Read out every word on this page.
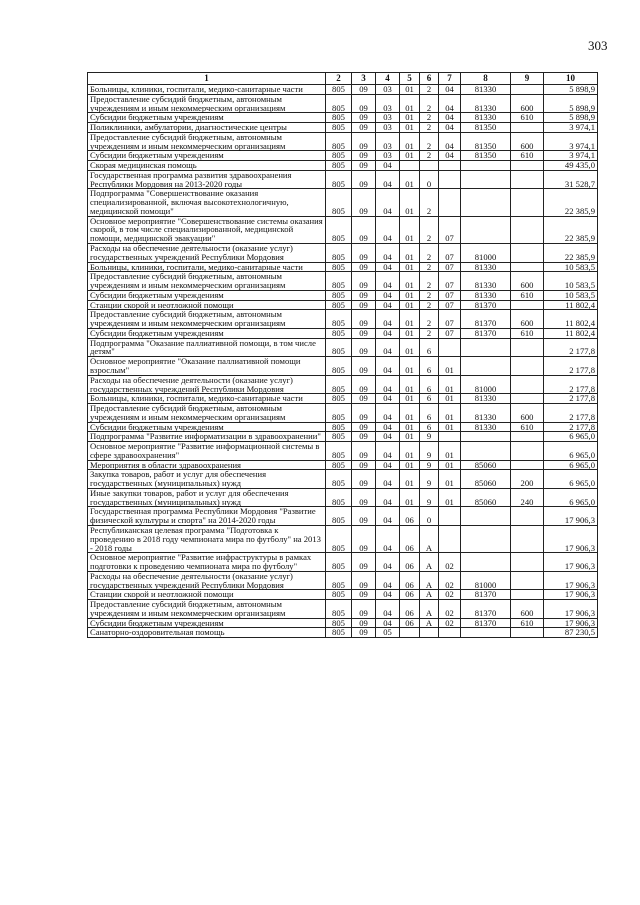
303
1	2	3	4	5	6	7	8	9	10
Больницы, клиники, госпитали, медико-санитарные части	805	09	03	01	2	04	81330		5 898,9
Предоставление субсидий бюджетным, автономным учреждениям и иным некоммерческим организациям	805	09	03	01	2	04	81330	600	5 898,9
Субсидии бюджетным учреждениям	805	09	03	01	2	04	81330	610	5 898,9
Поликлиники, амбулатории, диагностические центры	805	09	03	01	2	04	81350		3 974,1
Предоставление субсидий бюджетным, автономным учреждениям и иным некоммерческим организациям	805	09	03	01	2	04	81350	600	3 974,1
Субсидии бюджетным учреждениям	805	09	03	01	2	04	81350	610	3 974,1
Скорая медицинская помощь	805	09	04						49 435,0
Государственная программа развития здравоохранения Республики Мордовия на 2013-2020 годы	805	09	04	01	0				31 528,7
Подпрограмма "Совершенствование оказания специализированной, включая высокотехнологичную, медицинской помощи"	805	09	04	01	2				22 385,9
Основное мероприятие "Совершенствование системы оказания скорой, в том числе специализированной, медицинской помощи, медицинской эвакуации"	805	09	04	01	2	07			22 385,9
Расходы на обеспечение деятельности (оказание услуг) государственных учреждений Республики Мордовия	805	09	04	01	2	07	81000		22 385,9
Больницы, клиники, госпитали, медико-санитарные части	805	09	04	01	2	07	81330		10 583,5
Предоставление субсидий бюджетным, автономным учреждениям и иным некоммерческим организациям	805	09	04	01	2	07	81330	600	10 583,5
Субсидии бюджетным учреждениям	805	09	04	01	2	07	81330	610	10 583,5
Станции скорой и неотложной помощи	805	09	04	01	2	07	81370		11 802,4
Предоставление субсидий бюджетным, автономным учреждениям и иным некоммерческим организациям	805	09	04	01	2	07	81370	600	11 802,4
Субсидии бюджетным учреждениям	805	09	04	01	2	07	81370	610	11 802,4
Подпрограмма "Оказание паллиативной помощи, в том числе детям"	805	09	04	01	6				2 177,8
Основное мероприятие "Оказание паллиативной помощи взрослым"	805	09	04	01	6	01			2 177,8
Расходы на обеспечение деятельности (оказание услуг) государственных учреждений Республики Мордовия	805	09	04	01	6	01	81000		2 177,8
Больницы, клиники, госпитали, медико-санитарные части	805	09	04	01	6	01	81330		2 177,8
Предоставление субсидий бюджетным, автономным учреждениям и иным некоммерческим организациям	805	09	04	01	6	01	81330	600	2 177,8
Субсидии бюджетным учреждениям	805	09	04	01	6	01	81330	610	2 177,8
Подпрограмма "Развитие информатизации в здравоохранении"	805	09	04	01	9				6 965,0
Основное мероприятие "Развитие информационной системы в сфере здравоохранения"	805	09	04	01	9	01			6 965,0
Мероприятия в области здравоохранения	805	09	04	01	9	01	85060		6 965,0
Закупка товаров, работ и услуг для обеспечения государственных (муниципальных) нужд	805	09	04	01	9	01	85060	200	6 965,0
Иные закупки товаров, работ и услуг для обеспечения государственных (муниципальных) нужд	805	09	04	01	9	01	85060	240	6 965,0
Государственная программа Республики Мордовия "Развитие физической культуры и спорта" на 2014-2020 годы	805	09	04	06	0				17 906,3
Республиканская целевая программа "Подготовка к проведению в 2018 году чемпионата мира по футболу" на 2013 - 2018 годы	805	09	04	06	А				17 906,3
Основное мероприятие "Развитие инфраструктуры в рамках подготовки к проведению чемпионата мира по футболу"	805	09	04	06	А	02			17 906,3
Расходы на обеспечение деятельности (оказание услуг) государственных учреждений Республики Мордовия	805	09	04	06	А	02	81000		17 906,3
Станции скорой и неотложной помощи	805	09	04	06	А	02	81370		17 906,3
Предоставление субсидий бюджетным, автономным учреждениям и иным некоммерческим организациям	805	09	04	06	А	02	81370	600	17 906,3
Субсидии бюджетным учреждениям	805	09	04	06	А	02	81370	610	17 906,3
Санаторно-оздоровительная помощь	805	09	05						87 230,5
